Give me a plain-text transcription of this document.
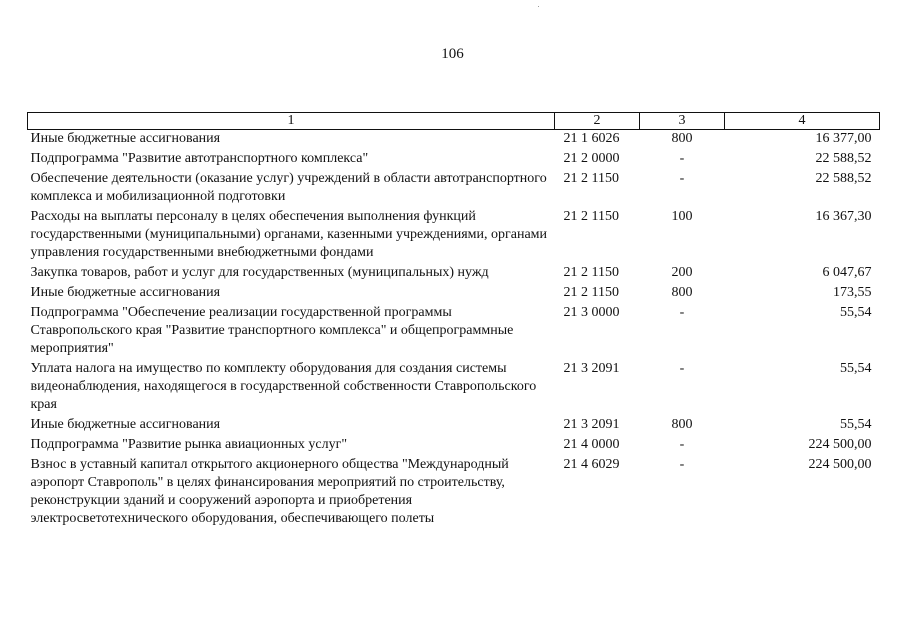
106
1	2	3	4
Иные бюджетные ассигнования	21 1 6026	800	16 377,00
Подпрограмма "Развитие автотранспортного комплекса"	21 2 0000	-	22 588,52
Обеспечение деятельности (оказание услуг) учреждений в области автотранспортного комплекса и мобилизационной подготовки	21 2 1150	-	22 588,52
Расходы на выплаты персоналу в целях обеспечения выполнения функций государственными (муниципальными) органами, казенными учреждениями, органами управления государственными внебюджетными фондами	21 2 1150	100	16 367,30
Закупка товаров, работ и услуг для государственных (муниципальных) нужд	21 2 1150	200	6 047,67
Иные бюджетные ассигнования	21 2 1150	800	173,55
Подпрограмма "Обеспечение реализации государственной программы Ставропольского края "Развитие транспортного комплекса" и общепрограммные мероприятия"	21 3 0000	-	55,54
Уплата налога на имущество по комплекту оборудования для создания системы видеонаблюдения, находящегося в государственной собственности Ставропольского края	21 3 2091	-	55,54
Иные бюджетные ассигнования	21 3 2091	800	55,54
Подпрограмма "Развитие рынка авиационных услуг"	21 4 0000	-	224 500,00
Взнос в уставный капитал открытого акционерного общества "Международный аэропорт Ставрополь" в целях финансирования мероприятий по строительству, реконструкции зданий и сооружений аэропорта и приобретения электросветотехнического оборудования, обеспечивающего полеты	21 4 6029	-	224 500,00
